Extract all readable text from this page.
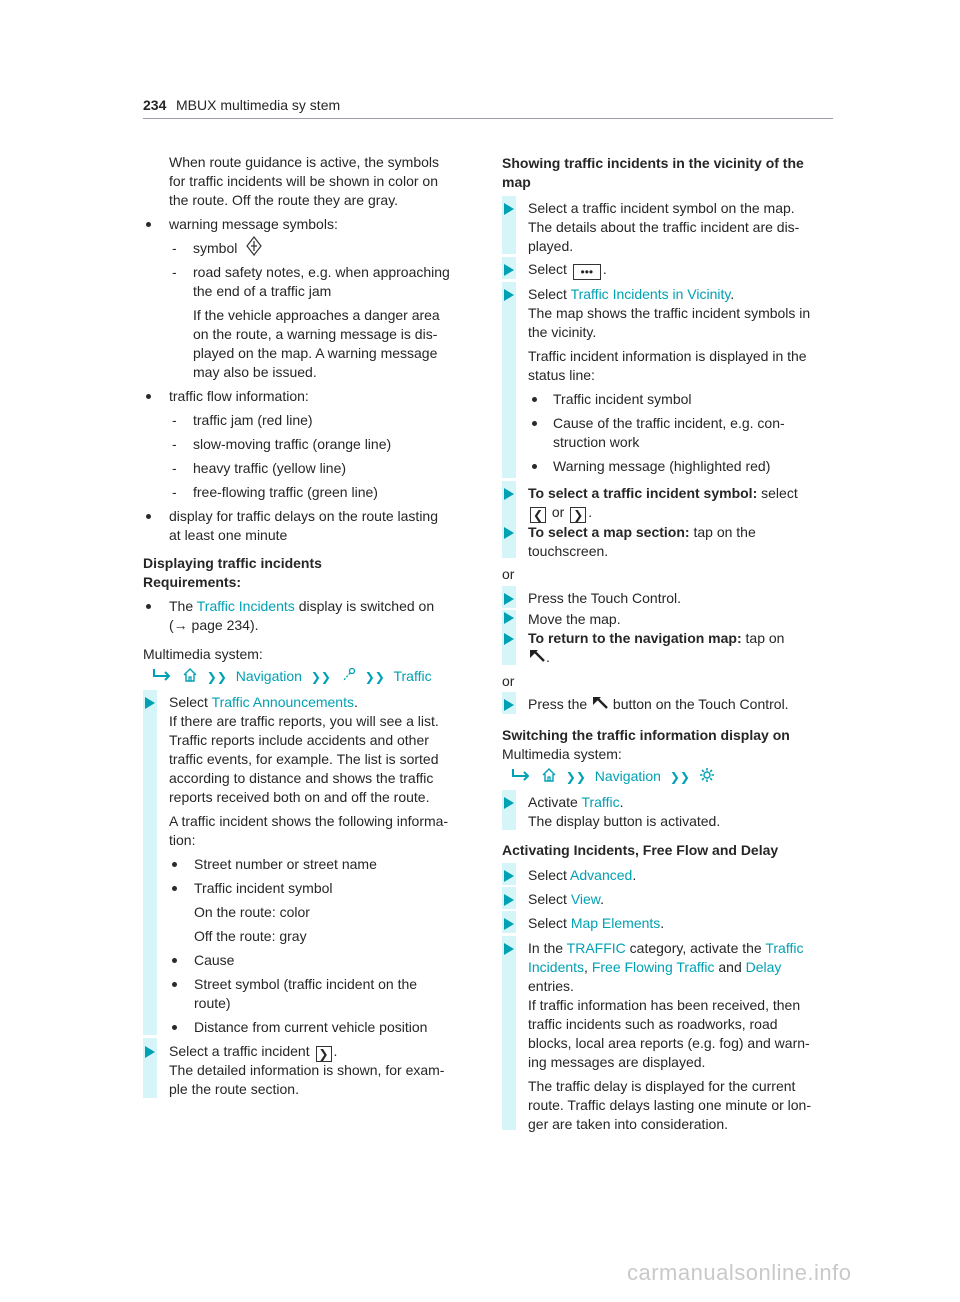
234 MBUX multimedia sy stem
When route guidance is active, the symbols
for traffic incidents will be shown in color on
the route. Off the route they are gray.
warning message symbols:
- symbol
- road safety notes, e.g. when approaching
the end of a traffic jam
If the vehicle approaches a danger area
on the route, a warning message is dis-
played on the map. A warning message
may also be issued.
traffic flow information:
- traffic jam (red line)
- slow-moving traffic (orange line)
- heavy traffic (yellow line)
- free-flowing traffic (green line)
display for traffic delays on the route lasting
at least one minute
Displaying traffic incidents
Requirements:
The Traffic Incidents display is switched on
(→ page 234).
Multimedia system:
❯❯ Navigation ❯❯	❯❯ Traffic
Select Traffic Announcements.
If there are traffic reports, you will see a list.
Traffic reports include accidents and other
traffic events, for example. The list is sorted
according to distance and shows the traffic
reports received both on and off the route.
A traffic incident shows the following informa-
tion:
Street number or street name
Traffic incident symbol
On the route: color
Off the route: gray
Cause
Street symbol (traffic incident on the
route)
Distance from current vehicle position
Select a traffic incident ❯ .
The detailed information is shown, for exam-
ple the route section.
Showing traffic incidents in the vicinity of the
map
Select a traffic incident symbol on the map.
The details about the traffic incident are dis-
played.
Select ••• .
Select Traffic Incidents in Vicinity.
The map shows the traffic incident symbols in
the vicinity.
Traffic incident information is displayed in the
status line:
Traffic incident symbol
Cause of the traffic incident, e.g. con-
struction work
Warning message (highlighted red)
To select a traffic incident symbol: select
❮ or ❯ .
To select a map section: tap on the
touchscreen.
or
Press the Touch Control.
Move the map.
To return to the navigation map: tap on
.
or
Press the button on the Touch Control.
Switching the traffic information display on
Multimedia system:
❯❯ Navigation ❯❯
Activate Traffic.
The display button is activated.
Activating Incidents, Free Flow and Delay
Select Advanced.
Select View.
Select Map Elements.
In the TRAFFIC category, activate the Traffic
Incidents, Free Flowing Traffic and Delay
entries.
If traffic information has been received, then
traffic incidents such as roadworks, road
blocks, local area reports (e.g. fog) and warn-
ing messages are displayed.
The traffic delay is displayed for the current
route. Traffic delays lasting one minute or lon-
ger are taken into consideration.
carmanualsonline.info
